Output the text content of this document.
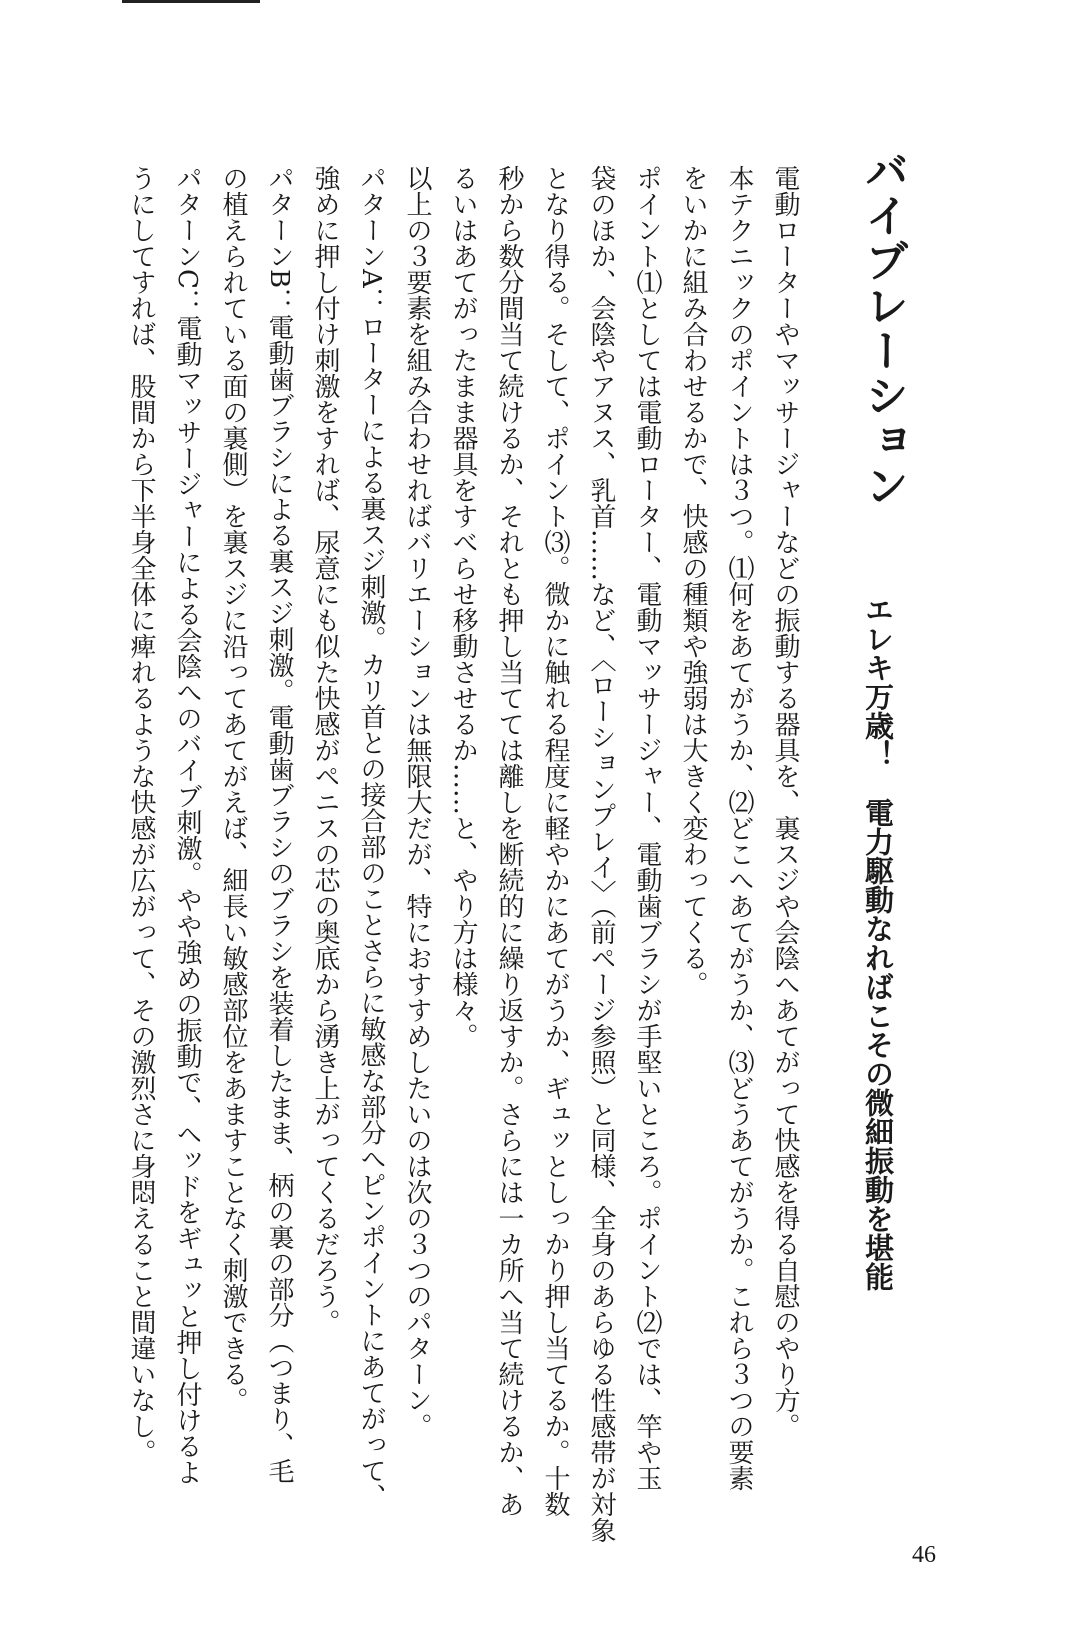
バイブレーション
エレキ万歳！　電力駆動なればこその微細振動を堪能

電動ローターやマッサージャーなどの振動する器具を、裏スジや会陰へあてがって快感を得る自慰のやり方。

本テクニックのポイントは３つ。⑴何をあてがうか、⑵どこへあてがうか、⑶どうあてがうか。これら３つの要素

をいかに組み合わせるかで、快感の種類や強弱は大きく変わってくる。

ポイント⑴としては電動ローター、電動マッサージャー、電動歯ブラシが手堅いところ。ポイント⑵では、竿や玉

袋のほか、会陰やアヌス、乳首……など、〈ローションプレイ〉（前ページ参照）と同様、全身のあらゆる性感帯が対象

となり得る。そして、ポイント⑶。微かに触れる程度に軽やかにあてがうか、ギュッとしっかり押し当てるか。十数

秒から数分間当て続けるか、それとも押し当てては離しを断続的に繰り返すか。さらには一カ所へ当て続けるか、あ

るいはあてがったまま器具をすべらせ移動させるか……と、やり方は様々。

以上の３要素を組み合わせればバリエーションは無限大だが、特におすすめしたいのは次の３つのパターン。

パターンA：ローターによる裏スジ刺激。カリ首との接合部のことさらに敏感な部分へピンポイントにあてがって、

強めに押し付け刺激をすれば、尿意にも似た快感がペニスの芯の奥底から湧き上がってくるだろう。

パターンB：電動歯ブラシによる裏スジ刺激。電動歯ブラシのブラシを装着したまま、柄の裏の部分（つまり、毛

の植えられている面の裏側）を裏スジに沿ってあてがえば、細長い敏感部位をあますことなく刺激できる。

パターンC：電動マッサージャーによる会陰へのバイブ刺激。やや強めの振動で、ヘッドをギュッと押し付けるよ

うにしてすれば、股間から下半身全体に痺れるような快感が広がって、その激烈さに身悶えること間違いなし。

46
